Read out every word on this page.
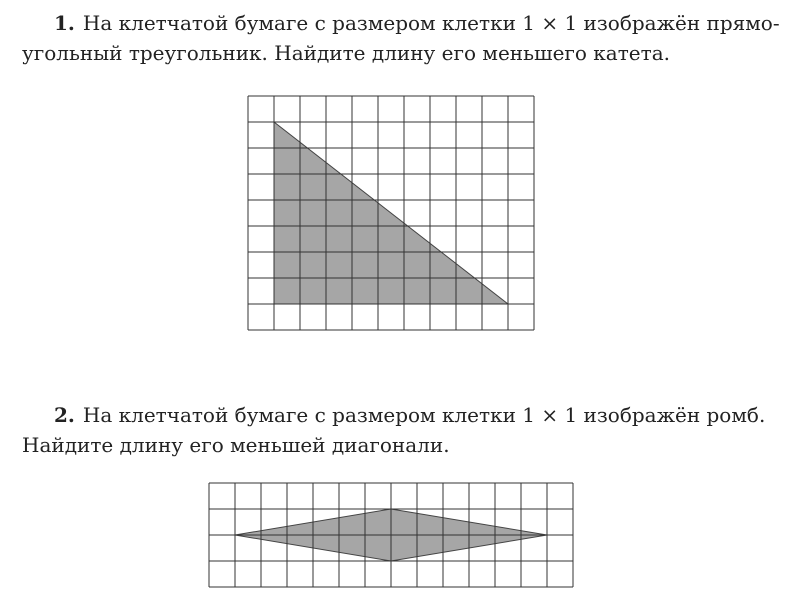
1. На клетчатой бумаге с размером клетки 1 × 1 изображён прямо-
угольный треугольник. Найдите длину его меньшего катета.
2. На клетчатой бумаге с размером клетки 1 × 1 изображён ромб.
Найдите длину его меньшей диагонали.
